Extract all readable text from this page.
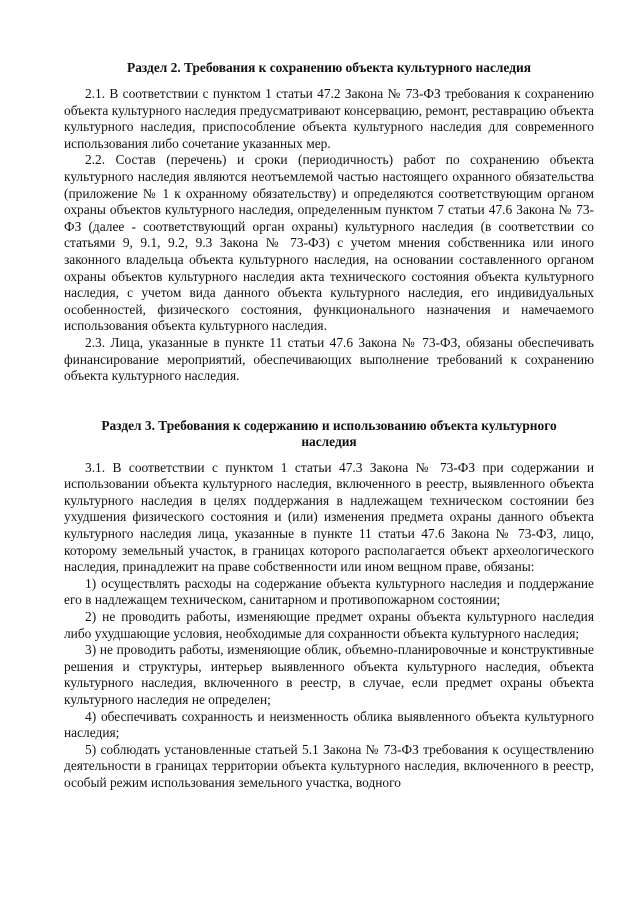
Раздел 2. Требования к сохранению объекта культурного наследия

2.1. В соответствии с пунктом 1 статьи 47.2 Закона № 73-ФЗ требования к сохранению объекта культурного наследия предусматривают консервацию, ремонт, реставрацию объекта культурного наследия, приспособление объекта культурного наследия для современного использования либо сочетание указанных мер.

2.2. Состав (перечень) и сроки (периодичность) работ по сохранению объекта культурного наследия являются неотъемлемой частью настоящего охранного обязательства (приложение № 1 к охранному обязательству) и определяются соответствующим органом охраны объектов культурного наследия, определенным пунктом 7 статьи 47.6 Закона № 73-ФЗ (далее - соответствующий орган охраны) культурного наследия (в соответствии со статьями 9, 9.1, 9.2, 9.3 Закона № 73-ФЗ) с учетом мнения собственника или иного законного владельца объекта культурного наследия, на основании составленного органом охраны объектов культурного наследия акта технического состояния объекта культурного наследия, с учетом вида данного объекта культурного наследия, его индивидуальных особенностей, физического состояния, функционального назначения и намечаемого использования объекта культурного наследия.

2.3. Лица, указанные в пункте 11 статьи 47.6 Закона № 73-ФЗ, обязаны обеспечивать финансирование мероприятий, обеспечивающих выполнение требований к сохранению объекта культурного наследия.

Раздел 3. Требования к содержанию и использованию объекта культурного наследия

3.1. В соответствии с пунктом 1 статьи 47.3 Закона № 73-ФЗ при содержании и использовании объекта культурного наследия, включенного в реестр, выявленного объекта культурного наследия в целях поддержания в надлежащем техническом состоянии без ухудшения физического состояния и (или) изменения предмета охраны данного объекта культурного наследия лица, указанные в пункте 11 статьи 47.6 Закона № 73-ФЗ, лицо, которому земельный участок, в границах которого располагается объект археологического наследия, принадлежит на праве собственности или ином вещном праве, обязаны:

1) осуществлять расходы на содержание объекта культурного наследия и поддержание его в надлежащем техническом, санитарном и противопожарном состоянии;

2) не проводить работы, изменяющие предмет охраны объекта культурного наследия либо ухудшающие условия, необходимые для сохранности объекта культурного наследия;

3) не проводить работы, изменяющие облик, объемно-планировочные и конструктивные решения и структуры, интерьер выявленного объекта культурного наследия, объекта культурного наследия, включенного в реестр, в случае, если предмет охраны объекта культурного наследия не определен;

4) обеспечивать сохранность и неизменность облика выявленного объекта культурного наследия;

5) соблюдать установленные статьей 5.1 Закона № 73-ФЗ требования к осуществлению деятельности в границах территории объекта культурного наследия, включенного в реестр, особый режим использования земельного участка, водного
